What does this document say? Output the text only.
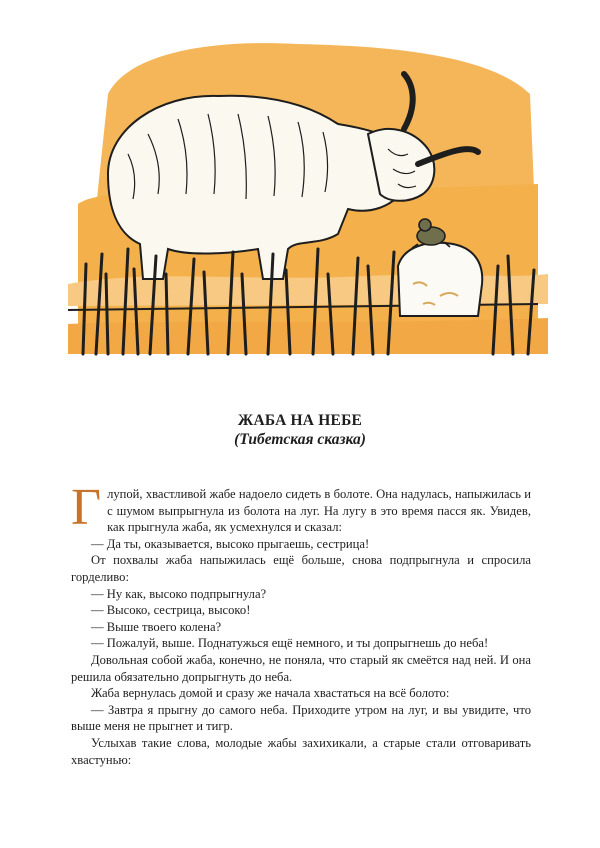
ЖАБА НА НЕБЕ
(Тибетская сказка)

Глупой, хвастливой жабе надоело сидеть в болоте. Она надулась, напыжилась и с шумом выпрыгнула из болота на луг. На лугу в это время пасся як. Увидев, как прыгнула жаба, як усмехнулся и сказал:

— Да ты, оказывается, высоко прыгаешь, сестрица!

От похвалы жаба напыжилась ещё больше, снова подпрыгнула и спросила горделиво:

— Ну как, высоко подпрыгнула?

— Высоко, сестрица, высоко!

— Выше твоего колена?

— Пожалуй, выше. Поднатужься ещё немного, и ты допрыгнешь до неба!

Довольная собой жаба, конечно, не поняла, что старый як смеётся над ней. И она решила обязательно допрыгнуть до неба.

Жаба вернулась домой и сразу же начала хвастаться на всё болото:

— Завтра я прыгну до самого неба. Приходите утром на луг, и вы увидите, что выше меня не прыгнет и тигр.

Услыхав такие слова, молодые жабы захихикали, а старые стали отговаривать хвастунью:
